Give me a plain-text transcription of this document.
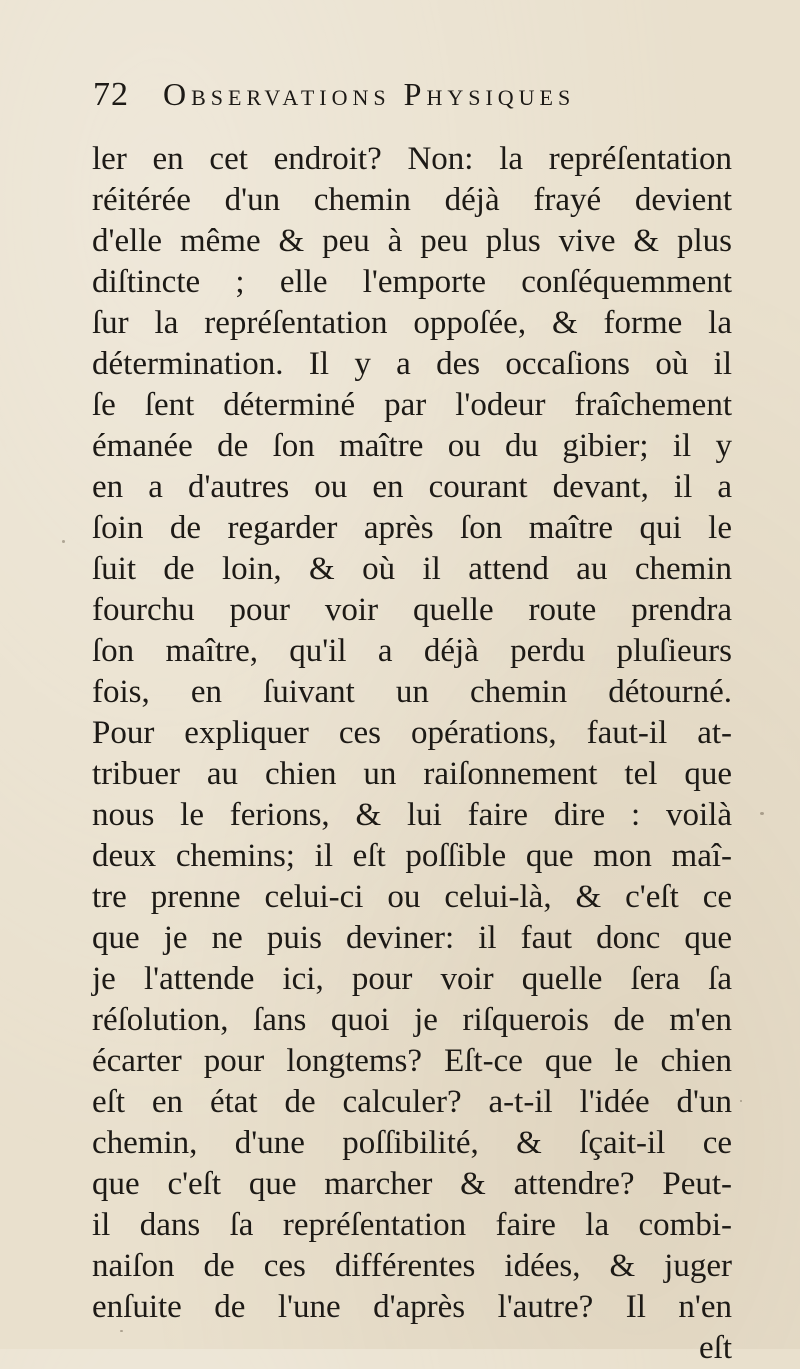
72	Observations Physiques
ler en cet endroit? Non: la repréſentation
réitérée d'un chemin déjà frayé devient
d'elle même & peu à peu plus vive & plus
diſtincte ; elle l'emporte conſéquemment
ſur la repréſentation oppoſée, & forme la
détermination. Il y a des occaſions où il
ſe ſent déterminé par l'odeur fraîchement
émanée de ſon maître ou du gibier; il y
en a d'autres ou en courant devant, il a
ſoin de regarder après ſon maître qui le
ſuit de loin, & où il attend au chemin
fourchu pour voir quelle route prendra
ſon maître, qu'il a déjà perdu pluſieurs
fois, en ſuivant un chemin détourné.
Pour expliquer ces opérations, faut-il at-
tribuer au chien un raiſonnement tel que
nous le ferions, & lui faire dire : voilà
deux chemins; il eſt poſſible que mon maî-
tre prenne celui-ci ou celui-là, & c'eſt ce
que je ne puis deviner: il faut donc que
je l'attende ici, pour voir quelle ſera ſa
réſolution, ſans quoi je riſquerois de m'en
écarter pour longtems? Eſt-ce que le chien
eſt en état de calculer? a-t-il l'idée d'un
chemin, d'une poſſibilité, & ſçait-il ce
que c'eſt que marcher & attendre? Peut-
il dans ſa repréſentation faire la combi-
naiſon de ces différentes idées, & juger
enſuite de l'une d'après l'autre? Il n'en
eſt
